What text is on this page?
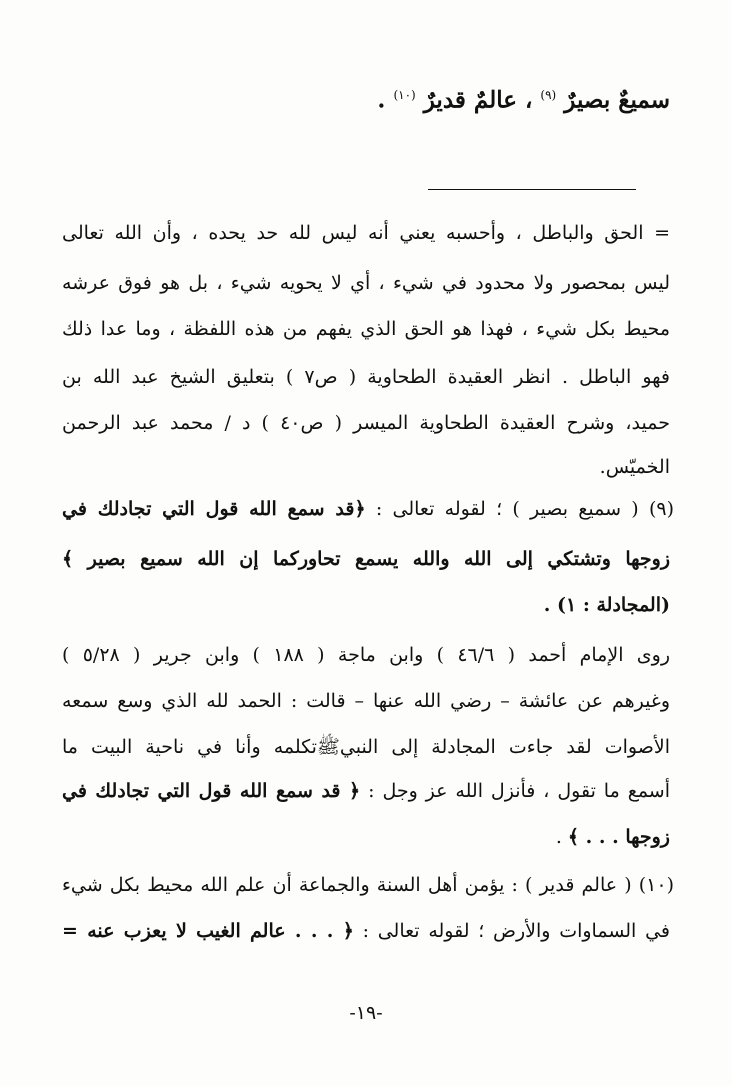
سميعٌ بصيرٌ $^{(٩)}$ ، عالمٌ قديرٌ $^{(١٠)}$ .
= الحق والباطل ، وأحسبه يعني أنه ليس لله حد يحده ، وأن الله تعالى
ليس بمحصور ولا محدود في شيء ، أي لا يحويه شيء ، بل هو فوق عرشه
محيط بكل شيء ، فهذا هو الحق الذي يفهم من هذه اللفظة ، وما عدا ذلك
فهو الباطل . انظر العقيدة الطحاوية ( ص٧ ) بتعليق الشيخ عبد الله بن
حميد، وشرح العقيدة الطحاوية الميسر ( ص٤٠ ) د / محمد عبد الرحمن
الخميّس.
(٩) ( سميع بصير ) ؛ لقوله تعالى : ﴿قد سمع الله قول التي تجادلك في
زوجها وتشتكي إلى الله والله يسمع تحاوركما إن الله سميع بصير ﴾
(المجادلة : ١) .
روى الإمام أحمد ( ٤٦/٦ ) وابن ماجة ( ١٨٨ ) وابن جرير ( ٥/٢٨ )
وغيرهم عن عائشة – رضي الله عنها – قالت : الحمد لله الذي وسع سمعه
الأصوات لقد جاءت المجادلة إلى النبيﷺتكلمه وأنا في ناحية البيت ما
أسمع ما تقول ، فأنزل الله عز وجل : ﴿ قد سمع الله قول التي تجادلك في
زوجها . . . ﴾ .
(١٠) ( عالم قدير ) : يؤمن أهل السنة والجماعة أن علم الله محيط بكل شيء
في السماوات والأرض ؛ لقوله تعالى : ﴿ . . . عالم الغيب لا يعزب عنه =
-١٩-
